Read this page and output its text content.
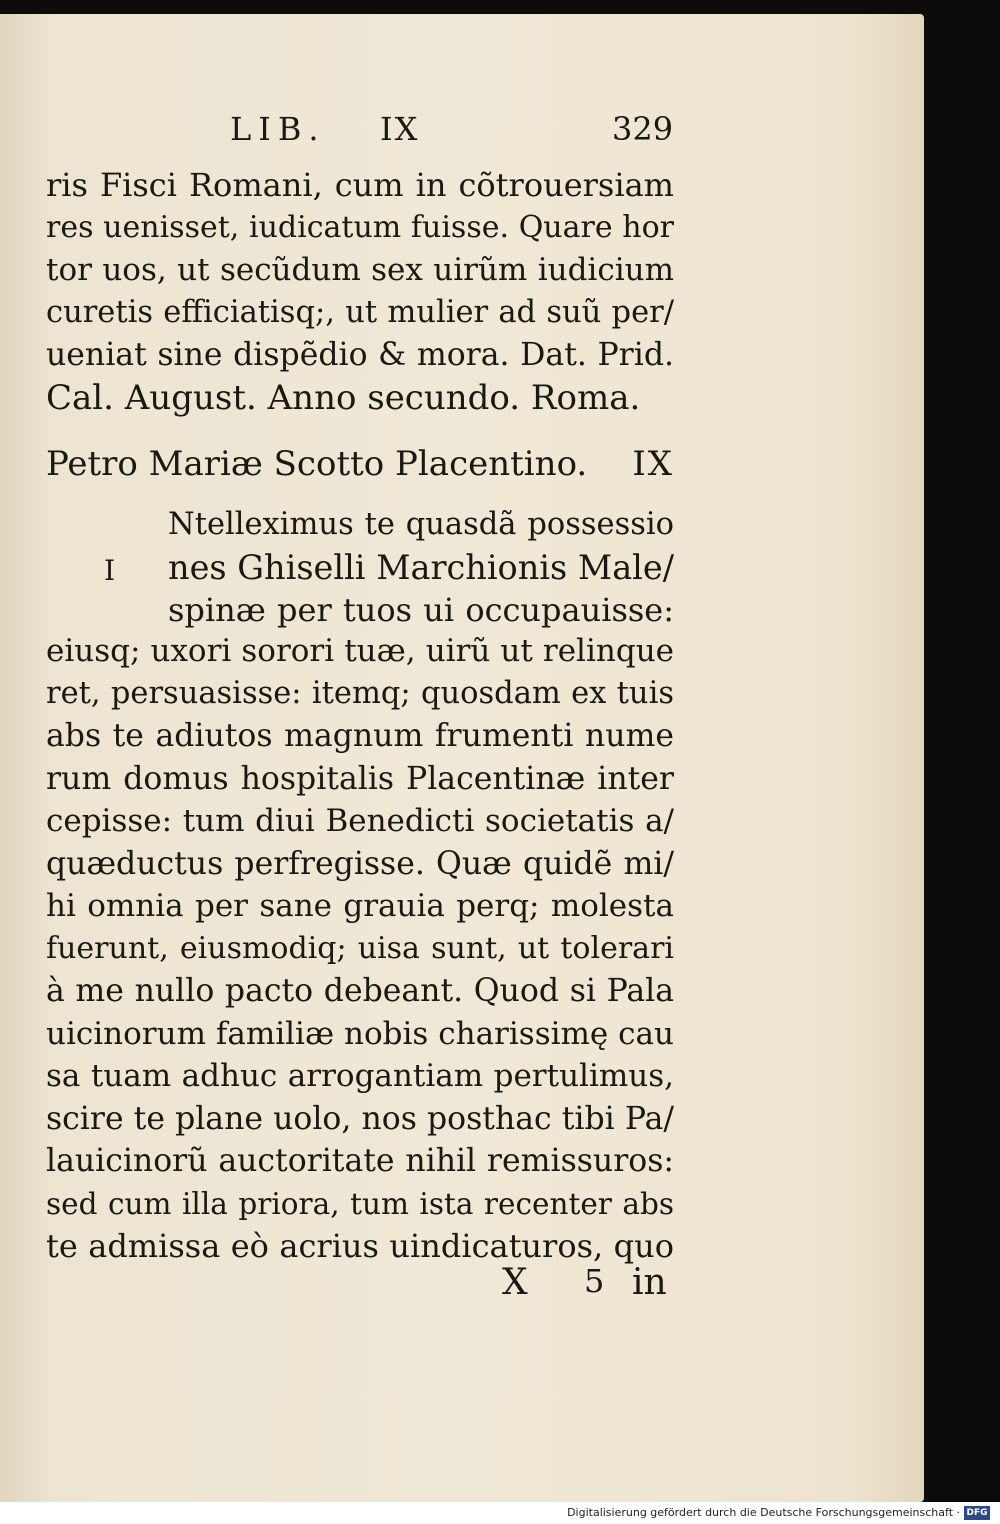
LIB. IX	329
ris Fisci Romani, cum in cõtrouersiam
res uenisset, iudicatum fuisse. Quare hor
tor uos, ut secũdum sex uirũm iudicium
curetis efficiatisq;, ut mulier ad suũ per/
ueniat sine dispẽdio & mora. Dat. Prid.
Cal. August. Anno secundo. Roma.
Petro Mariæ Scotto Placentino. IX
I
Ntelleximus te quasdã possessio
nes Ghiselli Marchionis Male/
spinæ per tuos ui occupauisse:
eiusq; uxori sorori tuæ, uirũ ut relinque
ret, persuasisse: itemq; quosdam ex tuis
abs te adiutos magnum frumenti nume
rum domus hospitalis Placentinæ inter
cepisse: tum diui Benedicti societatis a/
quæductus perfregisse. Quæ quidẽ mi/
hi omnia per sane grauia perq; molesta
fuerunt, eiusmodiq; uisa sunt, ut tolerari
à me nullo pacto debeant. Quod si Pala
uicinorum familiæ nobis charissimę cau
sa tuam adhuc arrogantiam pertulimus,
scire te plane uolo, nos posthac tibi Pa/
lauicinorũ auctoritate nihil remissuros:
sed cum illa priora, tum ista recenter abs
te admissa eò acrius uindicaturos, quo
X 5 in
Digitalisierung gefördert durch die Deutsche Forschungsgemeinschaft · DFG
